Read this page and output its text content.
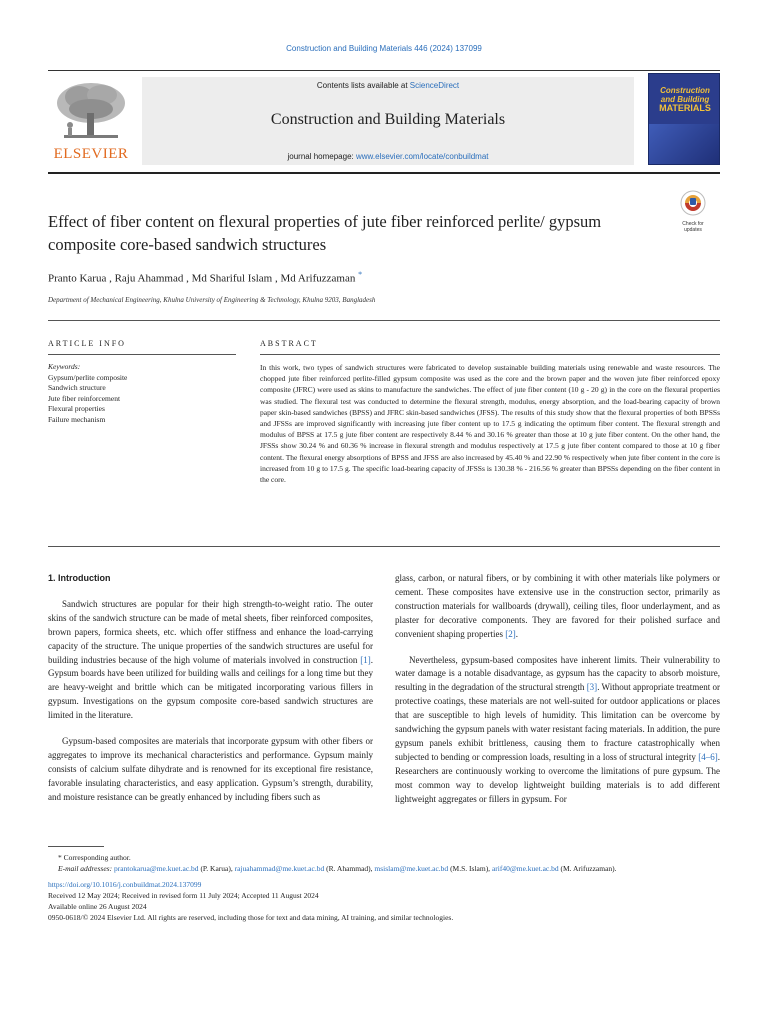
Construction and Building Materials 446 (2024) 137099
ELSEVIER
Contents lists available at ScienceDirect
Construction and Building Materials
journal homepage: www.elsevier.com/locate/conbuildmat
Construction
and Building
MATERIALS
Effect of fiber content on flexural properties of jute fiber reinforced perlite/ gypsum composite core-based sandwich structures
Check for
updates
Pranto Karua , Raju Ahammad , Md Shariful Islam , Md Arifuzzaman *
Department of Mechanical Engineering, Khulna University of Engineering & Technology, Khulna 9203, Bangladesh
ARTICLE INFO	ABSTRACT
Keywords:
Gypsum/perlite composite
Sandwich structure
Jute fiber reinforcement
Flexural properties
Failure mechanism
In this work, two types of sandwich structures were fabricated to develop sustainable building materials using renewable and waste resources. The chopped jute fiber reinforced perlite-filled gypsum composite was used as the core and the brown paper and the woven jute fiber reinforced epoxy composite (JFRC) were used as skins to manufacture the sandwiches. The effect of jute fiber content (10 g - 20 g) in the core on the flexural properties was studied. The flexural test was conducted to determine the flexural strength, modulus, energy absorption, and the load-bearing capacity of brown paper skin-based sandwiches (BPSS) and JFRC skin-based sandwiches (JFSS). The results of this study show that the flexural properties of both BPSSs and JFSSs are improved significantly with increasing jute fiber content up to 17.5 g indicating the optimum fiber content. The flexural strength and modulus of BPSS at 17.5 g jute fiber content are respectively 8.44 % and 30.16 % greater than those at 10 g jute fiber content. On the other hand, the JFSSs show 30.24 % and 60.36 % increase in flexural strength and modulus respectively at 17.5 g jute fiber content compared to those at 10 g fiber content. The flexural energy absorptions of BPSS and JFSS are also increased by 45.40 % and 22.90 % respectively when jute fiber content in the core is increased from 10 g to 17.5 g. The specific load-bearing capacity of JFSSs is 130.38 % - 216.56 % greater than BPSSs depending on the fiber content in the core.
1. Introduction

Sandwich structures are popular for their high strength-to-weight ratio. The outer skins of the sandwich structure can be made of metal sheets, fiber reinforced composites, brown papers, formica sheets, etc. which offer stiffness and enhance the load-carrying capacity of the structure. The unique properties of the sandwich structures are useful for building industries because of the high volume of materials involved in construction [1]. Gypsum boards have been utilized for building walls and ceilings for a long time but they are heavy-weight and brittle which can be mitigated incorporating various fillers in gypsum. Investigations on the gypsum composite core-based sandwich structures are limited in the literature.

Gypsum-based composites are materials that incorporate gypsum with other fibers or aggregates to improve its mechanical characteristics and performance. Gypsum mainly consists of calcium sulfate dihydrate and is renowned for its exceptional fire resistance, favorable insulating characteristics, and easy application. Gypsum’s strength, durability, and moisture resistance can be greatly enhanced by including fibers such as

glass, carbon, or natural fibers, or by combining it with other materials like polymers or cement. These composites have extensive use in the construction sector, primarily as construction materials for wallboards (drywall), ceiling tiles, floor underlayment, and as plaster for decorative components. They are favored for their polished surface and convenient shaping properties [2].

Nevertheless, gypsum-based composites have inherent limits. Their vulnerability to water damage is a notable disadvantage, as gypsum has the capacity to absorb moisture, resulting in the degradation of the structural strength [3]. Without appropriate treatment or protective coatings, these materials are not well-suited for outdoor applications or places that are susceptible to high levels of humidity. This limitation can be overcome by sandwiching the gypsum panels with water resistant facing materials. In addition, the pure gypsum panels exhibit brittleness, causing them to fracture catastrophically when subjected to bending or compression loads, resulting in a loss of structural integrity [4–6]. Researchers are continuously working to overcome the limitations of pure gypsum. The most common way to develop lightweight building materials is to add different lightweight aggregates or fillers in gypsum. For

* Corresponding author.
E-mail addresses: prantokarua@me.kuet.ac.bd (P. Karua), rajuahammad@me.kuet.ac.bd (R. Ahammad), msislam@me.kuet.ac.bd (M.S. Islam), arif40@me.kuet.ac.bd (M. Arifuzzaman).
https://doi.org/10.1016/j.conbuildmat.2024.137099
Received 12 May 2024; Received in revised form 11 July 2024; Accepted 11 August 2024
Available online 26 August 2024
0950-0618/© 2024 Elsevier Ltd. All rights are reserved, including those for text and data mining, AI training, and similar technologies.
